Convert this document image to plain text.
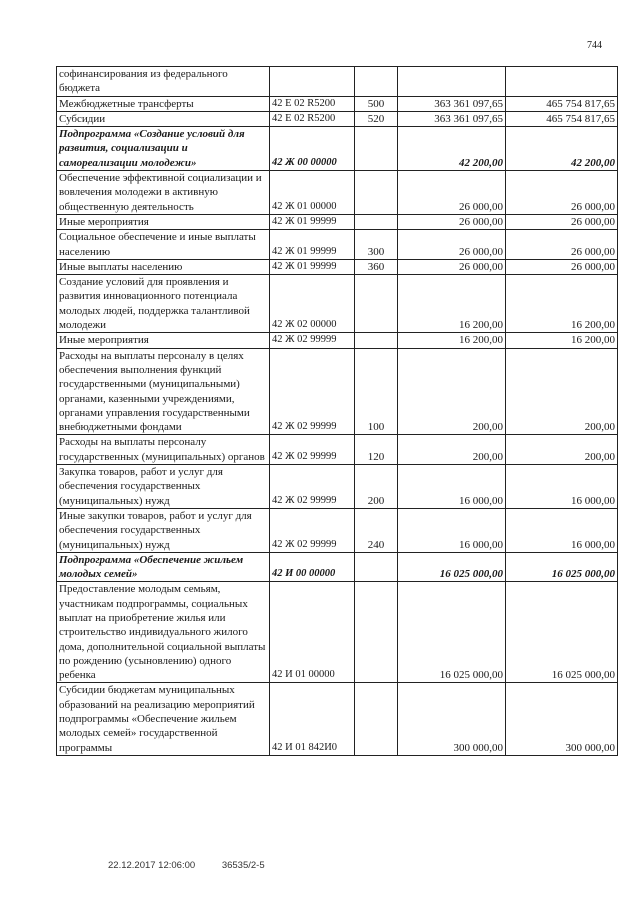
744
софинансирования из федерального бюджета				
Межбюджетные трансферты	42 Е 02 R5200	500	363 361 097,65	465 754 817,65
Субсидии	42 Е 02 R5200	520	363 361 097,65	465 754 817,65
Подпрограмма «Создание условий для развития, социализации и самореализации молодежи»	42 Ж 00 00000		42 200,00	42 200,00
Обеспечение эффективной социализации и вовлечения молодежи в активную общественную деятельность	42 Ж 01 00000		26 000,00	26 000,00
Иные мероприятия	42 Ж 01 99999		26 000,00	26 000,00
Социальное обеспечение и иные выплаты населению	42 Ж 01 99999	300	26 000,00	26 000,00
Иные выплаты населению	42 Ж 01 99999	360	26 000,00	26 000,00
Создание условий для проявления и развития инновационного потенциала молодых людей, поддержка талантливой молодежи	42 Ж 02 00000		16 200,00	16 200,00
Иные мероприятия	42 Ж 02 99999		16 200,00	16 200,00
Расходы на выплаты персоналу в целях обеспечения выполнения функций государственными (муниципальными) органами, казенными учреждениями, органами управления государственными внебюджетными фондами	42 Ж 02 99999	100	200,00	200,00
Расходы на выплаты персоналу государственных (муниципальных) органов	42 Ж 02 99999	120	200,00	200,00
Закупка товаров, работ и услуг для обеспечения государственных (муниципальных) нужд	42 Ж 02 99999	200	16 000,00	16 000,00
Иные закупки товаров, работ и услуг для обеспечения государственных (муниципальных) нужд	42 Ж 02 99999	240	16 000,00	16 000,00
Подпрограмма «Обеспечение жильем молодых семей»	42 И 00 00000		16 025 000,00	16 025 000,00
Предоставление молодым семьям, участникам подпрограммы, социальных выплат на приобретение жилья или строительство индивидуального жилого дома, дополнительной социальной выплаты по рождению (усыновлению) одного ребенка	42 И 01 00000		16 025 000,00	16 025 000,00
Субсидии бюджетам муниципальных образований на реализацию мероприятий подпрограммы «Обеспечение жильем молодых семей» государственной программы	42 И 01 842И0		300 000,00	300 000,00
22.12.2017 12:06:00	36535/2-5
